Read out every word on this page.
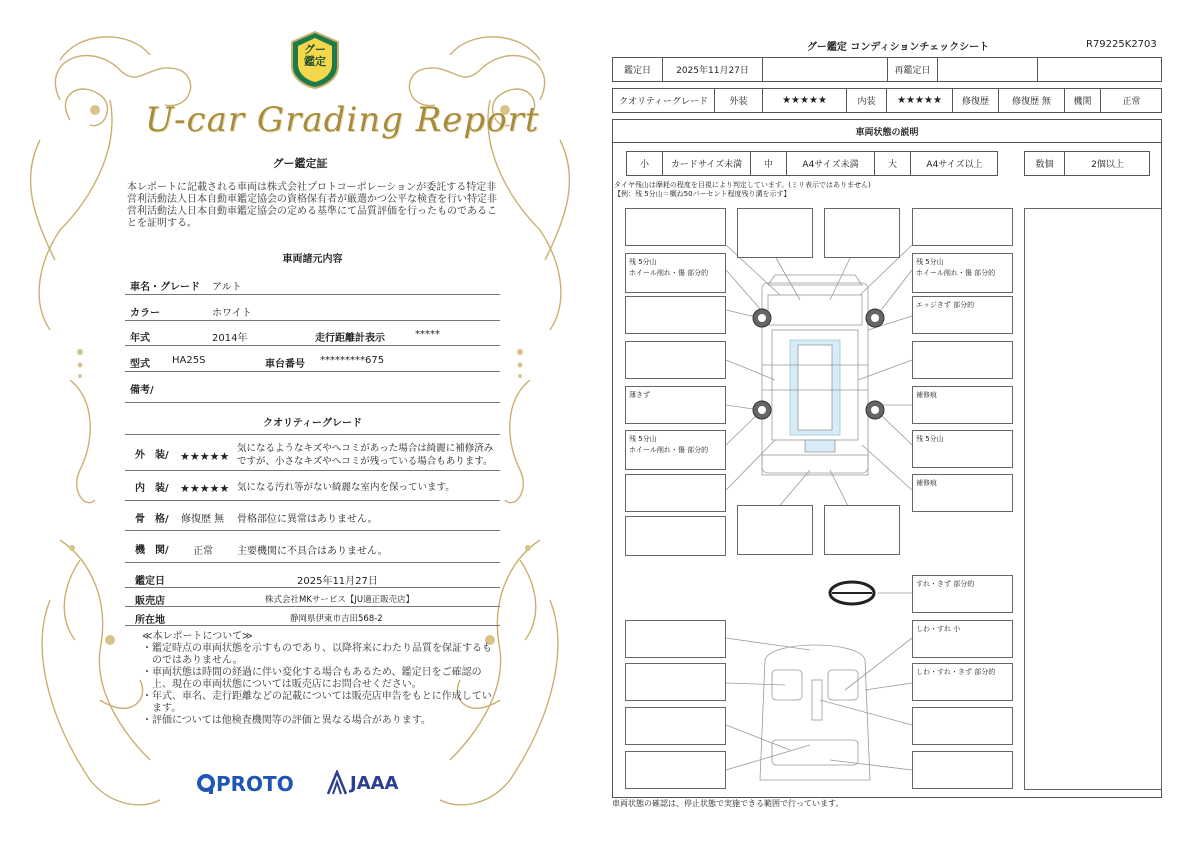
グー
鑑定
U-car Grading Report
グー鑑定証
本レポートに記載される車両は株式会社プロトコーポレーションが委託する特定非営利活動法人日本自動車鑑定協会の資格保有者が厳選かつ公平な検査を行い特定非営利活動法人日本自動車鑑定協会の定める基準にて品質評価を行ったものであることを証明する。
車両諸元内容
車名・グレード アルト
カラー	ホワイト
年式	2014年	走行距離計表示	*****
型式 HA25S	車台番号 *********675
備考/
クオリティーグレード
外　装/ ★★★★★
気になるようなキズやへコミがあった場合は綺麗に補修済み
ですが、小さなキズやへコミが残っている場合もあります。
内　装/ ★★★★★ 気になる汚れ等がない綺麗な室内を保っています。
骨　格/ 修復歴 無 骨格部位に異常はありません。
機　関/ 正常 主要機関に不具合はありません。
鑑定日	2025年11月27日
販売店	株式会社MKサービス【JU適正販売店】
所在地	静岡県伊東市吉田568-2
≪本レポートについて≫
・鑑定時点の車両状態を示すものであり、以降将来にわたり品質を保証するものではありません。
・車両状態は時間の経過に伴い変化する場合もあるため、鑑定日をご確認の上、現在の車両状態については販売店にお問合せください。
・年式、車名、走行距離などの記載については販売店申告をもとに作成しています。
・評価については他検査機関等の評価と異なる場合があります。
PROTO	JAAA
グー鑑定 コンディションチェックシート	R79225K2703
鑑定日	2025年11月27日	再鑑定日
クオリティーグレード	外装	★★★★★	内装	★★★★★	修復歴	修復歴 無	機関	正常
車両状態の説明
小	カードサイズ未満	中	A4サイズ未満	大	A4サイズ以上	数個	2個以上
タイヤ残山は摩耗の程度を目視により判定しています。(ミリ表示ではありません)
【例：残 5分山＝概ね50パーセント程度残り溝を示す】
残 5分山
ホイール削れ・傷 部分的
薄きず
残 5分山
ホイール削れ・傷 部分的
残 5分山
ホイール削れ・傷 部分的
エッジきず 部分的
補修痕
残 5分山
補修痕
すれ・きず 部分的
しわ・すれ 小
しわ・すれ・きず 部分的
車両状態の確認は、停止状態で実施できる範囲で行っています。
